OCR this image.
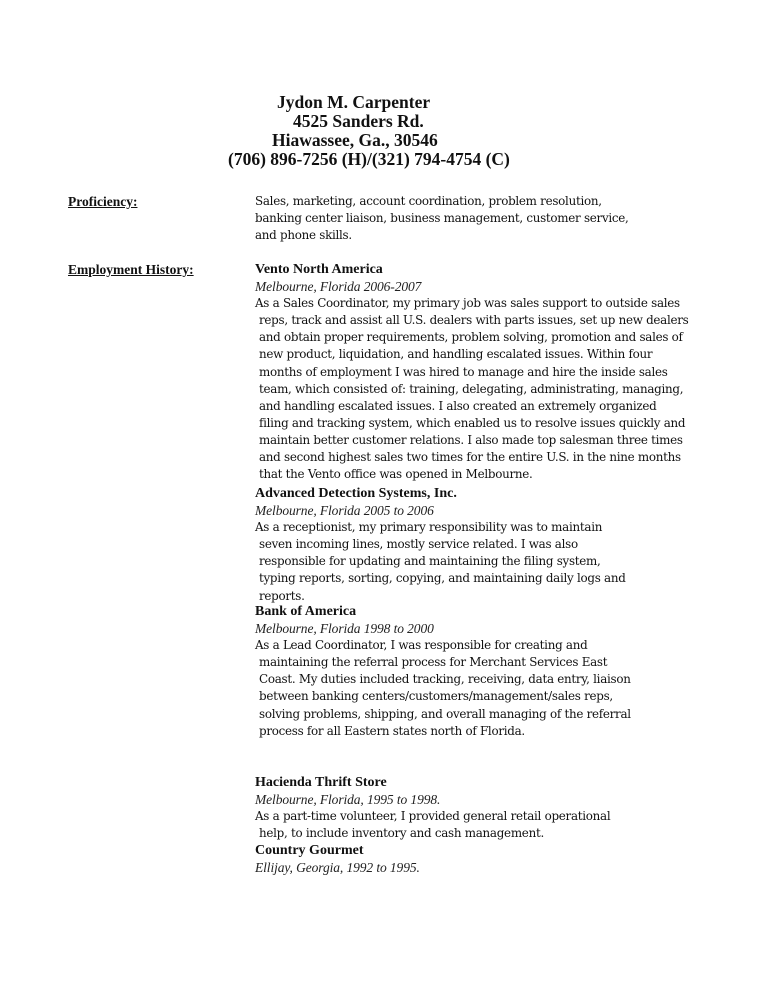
Jydon M. Carpenter
4525 Sanders Rd.
Hiawassee, Ga., 30546
(706) 896-7256 (H)/(321) 794-4754 (C)
Proficiency:	Sales, marketing, account coordination, problem resolution,
banking center liaison, business management, customer service,
and phone skills.
Employment History:	Vento North America
Melbourne, Florida 2006-2007
As a Sales Coordinator, my primary job was sales support to outside sales
reps, track and assist all U.S. dealers with parts issues, set up new dealers
and obtain proper requirements, problem solving, promotion and sales of
new product, liquidation, and handling escalated issues. Within four
months of employment I was hired to manage and hire the inside sales
team, which consisted of: training, delegating, administrating, managing,
and handling escalated issues. I also created an extremely organized
filing and tracking system, which enabled us to resolve issues quickly and
maintain better customer relations. I also made top salesman three times
and second highest sales two times for the entire U.S. in the nine months
that the Vento office was opened in Melbourne.
Advanced Detection Systems, Inc.
Melbourne, Florida 2005 to 2006
As a receptionist, my primary responsibility was to maintain
seven incoming lines, mostly service related. I was also
responsible for updating and maintaining the filing system,
typing reports, sorting, copying, and maintaining daily logs and
reports.
Bank of America
Melbourne, Florida 1998 to 2000
As a Lead Coordinator, I was responsible for creating and
maintaining the referral process for Merchant Services East
Coast. My duties included tracking, receiving, data entry, liaison
between banking centers/customers/management/sales reps,
solving problems, shipping, and overall managing of the referral
process for all Eastern states north of Florida.
Hacienda Thrift Store
Melbourne, Florida, 1995 to 1998.
As a part-time volunteer, I provided general retail operational
help, to include inventory and cash management.
Country Gourmet
Ellijay, Georgia, 1992 to 1995.
